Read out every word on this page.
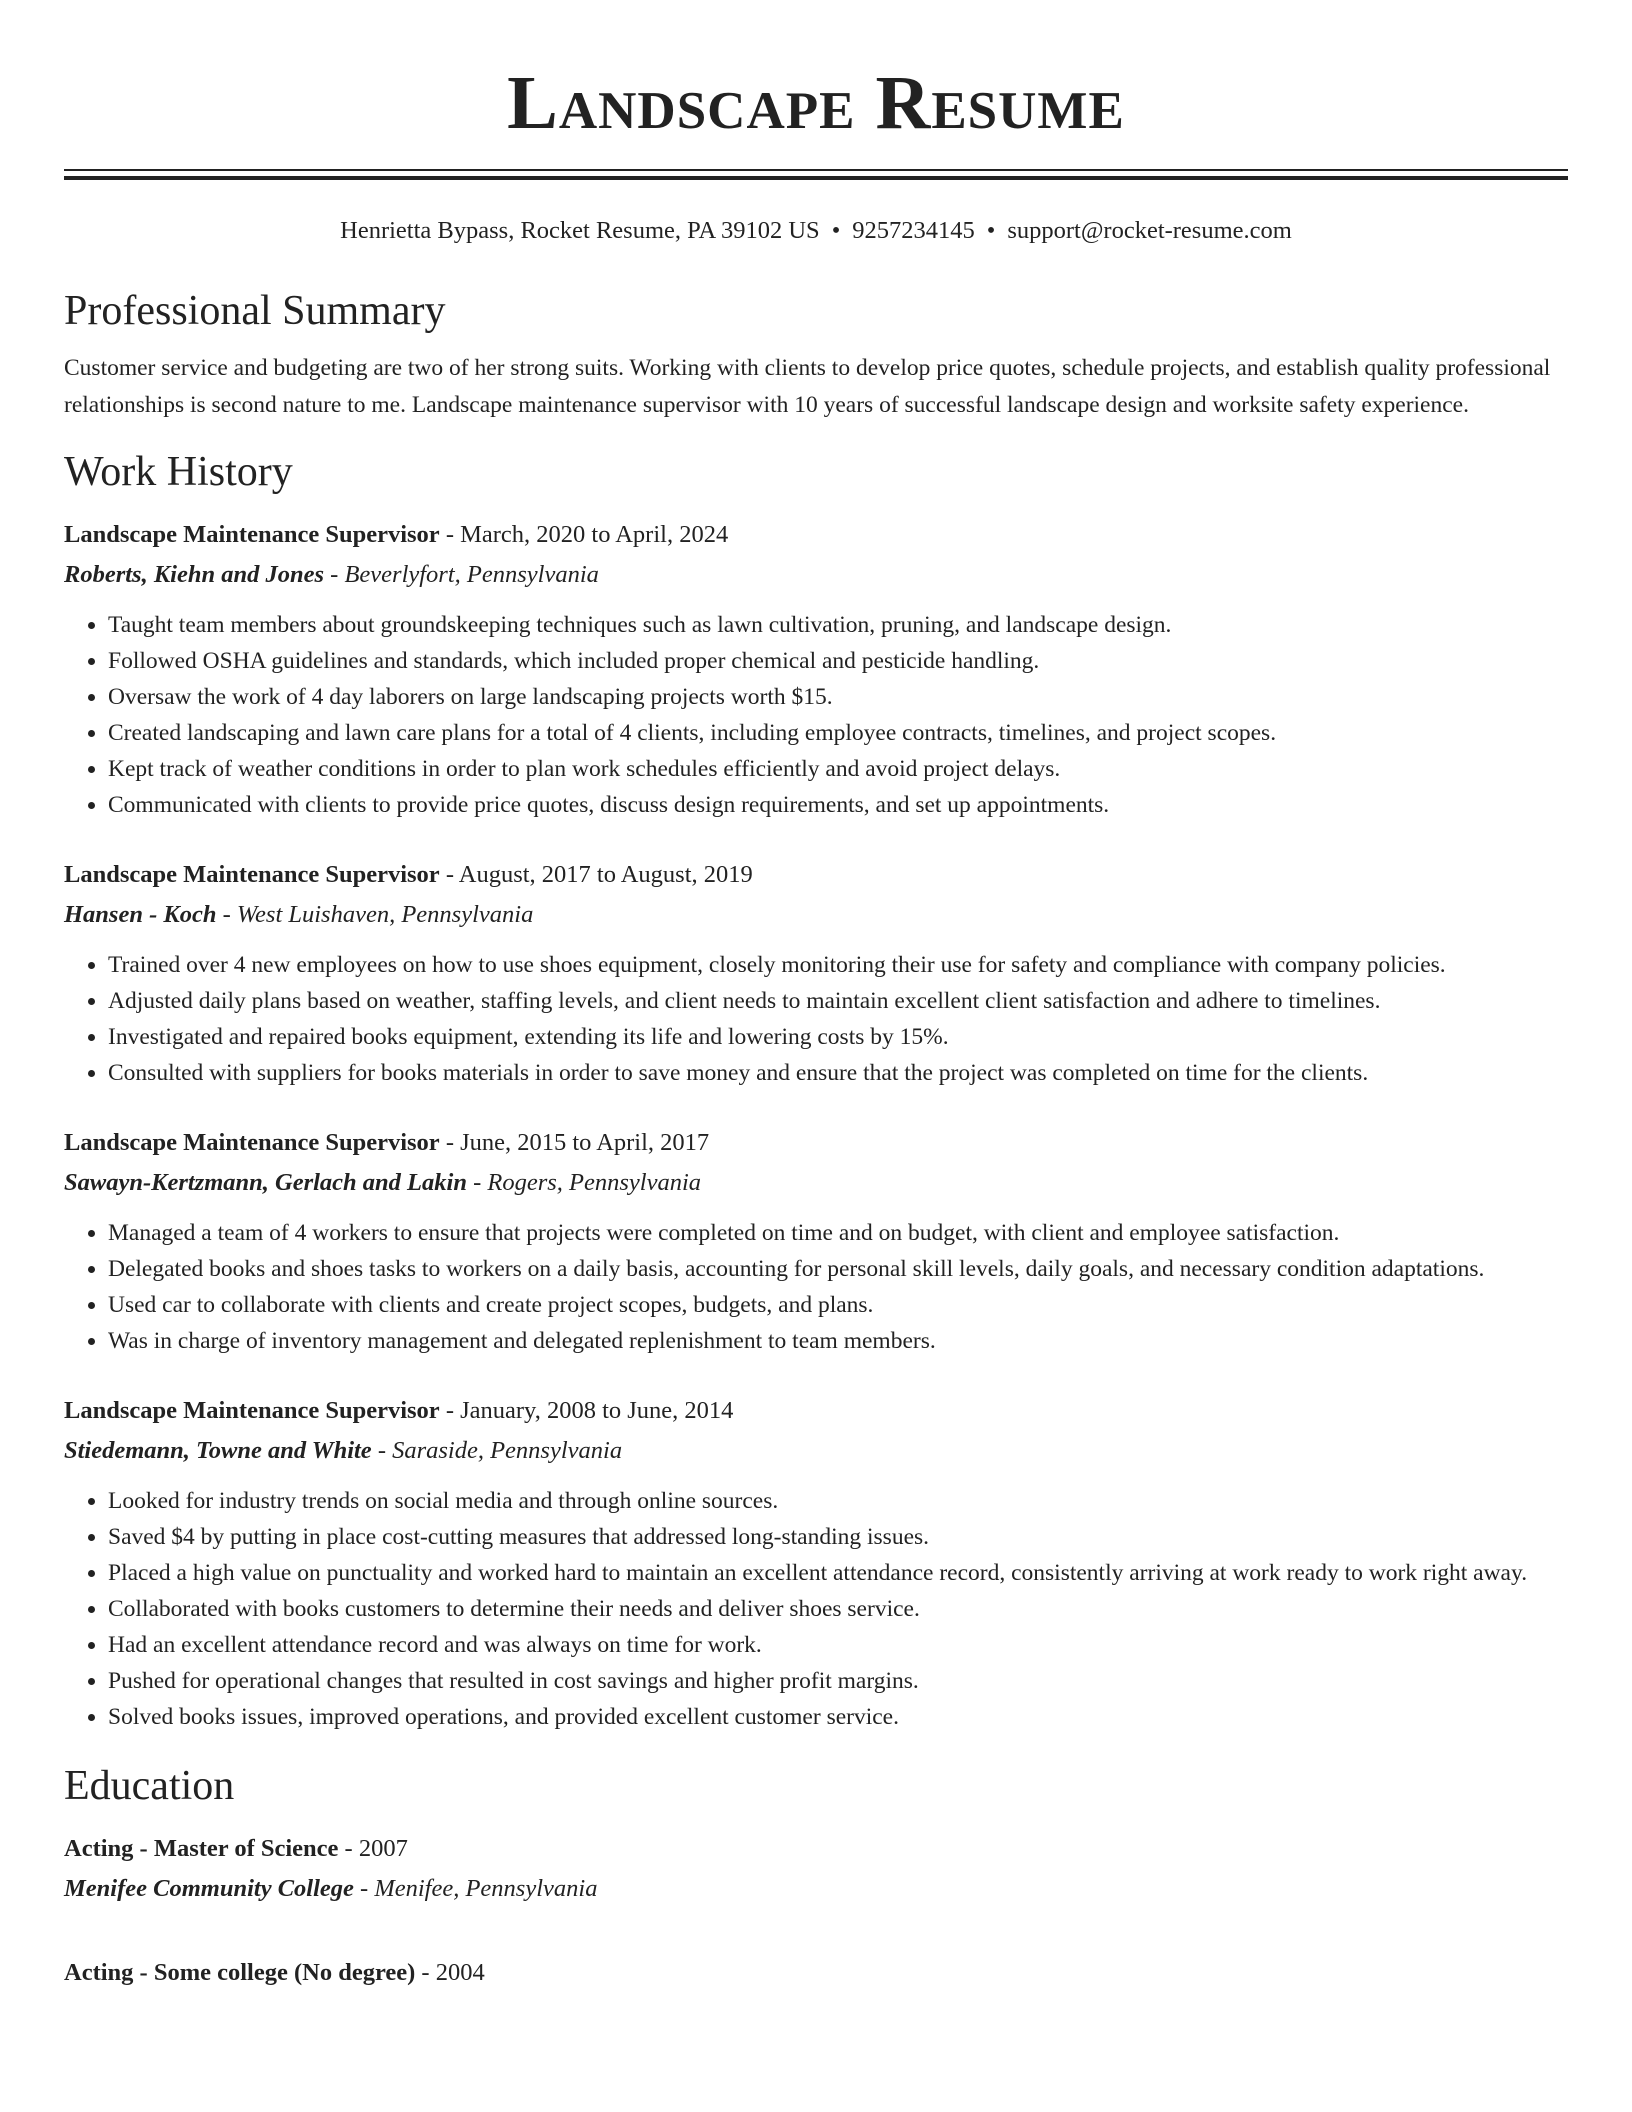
Landscape Resume
Henrietta Bypass, Rocket Resume, PA 39102 US • 9257234145 • support@rocket-resume.com
Professional Summary

Customer service and budgeting are two of her strong suits. Working with clients to develop price quotes, schedule projects, and establish quality professional relationships is second nature to me. Landscape maintenance supervisor with 10 years of successful landscape design and worksite safety experience.

Work History
Landscape Maintenance Supervisor - March, 2020 to April, 2024
Roberts, Kiehn and Jones - Beverlyfort, Pennsylvania
• Taught team members about groundskeeping techniques such as lawn cultivation, pruning, and landscape design.
• Followed OSHA guidelines and standards, which included proper chemical and pesticide handling.
• Oversaw the work of 4 day laborers on large landscaping projects worth $15.
• Created landscaping and lawn care plans for a total of 4 clients, including employee contracts, timelines, and project scopes.
• Kept track of weather conditions in order to plan work schedules efficiently and avoid project delays.
• Communicated with clients to provide price quotes, discuss design requirements, and set up appointments.
Landscape Maintenance Supervisor - August, 2017 to August, 2019
Hansen - Koch - West Luishaven, Pennsylvania
• Trained over 4 new employees on how to use shoes equipment, closely monitoring their use for safety and compliance with company policies.
• Adjusted daily plans based on weather, staffing levels, and client needs to maintain excellent client satisfaction and adhere to timelines.
• Investigated and repaired books equipment, extending its life and lowering costs by 15%.
• Consulted with suppliers for books materials in order to save money and ensure that the project was completed on time for the clients.
Landscape Maintenance Supervisor - June, 2015 to April, 2017
Sawayn-Kertzmann, Gerlach and Lakin - Rogers, Pennsylvania
• Managed a team of 4 workers to ensure that projects were completed on time and on budget, with client and employee satisfaction.
• Delegated books and shoes tasks to workers on a daily basis, accounting for personal skill levels, daily goals, and necessary condition adaptations.
• Used car to collaborate with clients and create project scopes, budgets, and plans.
• Was in charge of inventory management and delegated replenishment to team members.
Landscape Maintenance Supervisor - January, 2008 to June, 2014
Stiedemann, Towne and White - Saraside, Pennsylvania
• Looked for industry trends on social media and through online sources.
• Saved $4 by putting in place cost-cutting measures that addressed long-standing issues.
• Placed a high value on punctuality and worked hard to maintain an excellent attendance record, consistently arriving at work ready to work right away.
• Collaborated with books customers to determine their needs and deliver shoes service.
• Had an excellent attendance record and was always on time for work.
• Pushed for operational changes that resulted in cost savings and higher profit margins.
• Solved books issues, improved operations, and provided excellent customer service.
Education
Acting - Master of Science - 2007
Menifee Community College - Menifee, Pennsylvania
Acting - Some college (No degree) - 2004
